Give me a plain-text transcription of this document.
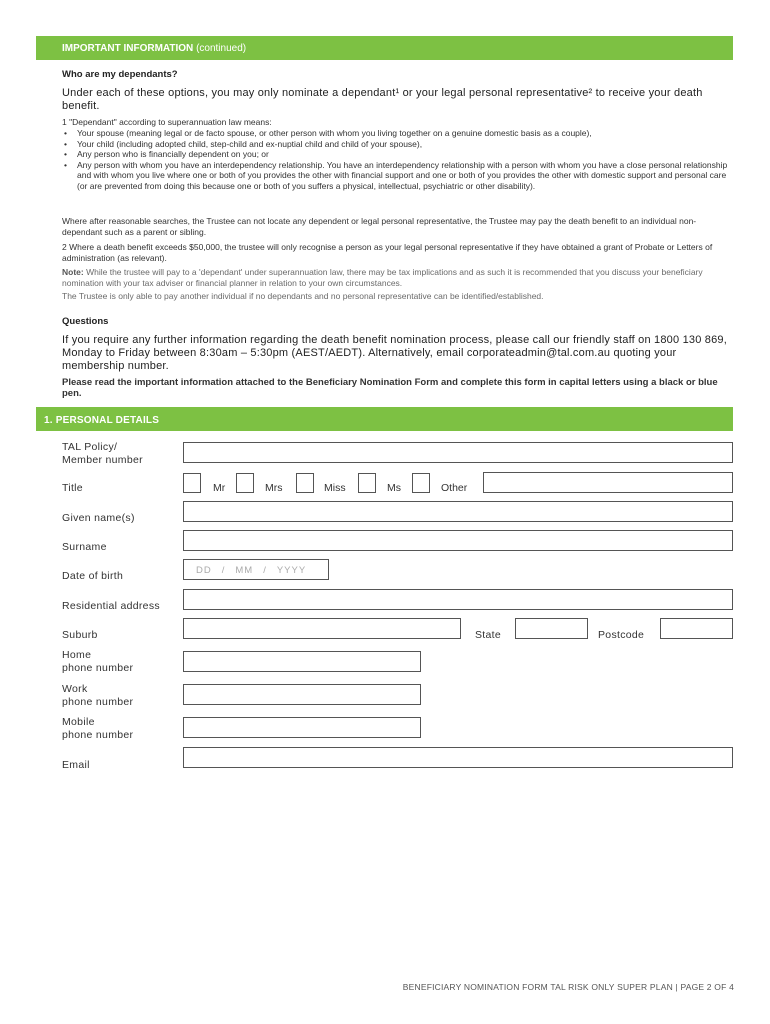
IMPORTANT INFORMATION (continued)
Who are my dependants?
Under each of these options, you may only nominate a dependant¹ or your legal personal representative² to receive your death benefit.
1 "Dependant" according to superannuation law means:
• Your spouse (meaning legal or de facto spouse, or other person with whom you living together on a genuine domestic basis as a couple),
• Your child (including adopted child, step-child and ex-nuptial child and child of your spouse),
• Any person who is financially dependent on you; or
• Any person with whom you have an interdependency relationship. You have an interdependency relationship with a person with whom you have a close personal relationship and with whom you live where one or both of you provides the other with financial support and one or both of you provides the other with domestic support and personal care (or are prevented from doing this because one or both of you suffers a physical, intellectual, psychiatric or other disability).
Where after reasonable searches, the Trustee can not locate any dependent or legal personal representative, the Trustee may pay the death benefit to an individual non-dependant such as a parent or sibling.
2 Where a death benefit exceeds $50,000, the trustee will only recognise a person as your legal personal representative if they have obtained a grant of Probate or Letters of administration (as relevant).
Note: While the trustee will pay to a 'dependant' under superannuation law, there may be tax implications and as such it is recommended that you discuss your beneficiary nomination with your tax adviser or financial planner in relation to your own circumstances.
The Trustee is only able to pay another individual if no dependants and no personal representative can be identified/established.
Questions
If you require any further information regarding the death benefit nomination process, please call our friendly staff on 1800 130 869, Monday to Friday between 8:30am – 5:30pm (AEST/AEDT). Alternatively, email corporateadmin@tal.com.au quoting your membership number.
Please read the important information attached to the Beneficiary Nomination Form and complete this form in capital letters using a black or blue pen.
1. PERSONAL DETAILS
TAL Policy/
Member number
Title	Mr	Mrs	Miss	Ms	Other
Given name(s)
Surname
Date of birth	DD / MM / YYYY
Residential address
Suburb	State	Postcode
Home
phone number
Work
phone number
Mobile
phone number
Email
BENEFICIARY NOMINATION FORM TAL RISK ONLY SUPER PLAN | PAGE 2 OF 4
